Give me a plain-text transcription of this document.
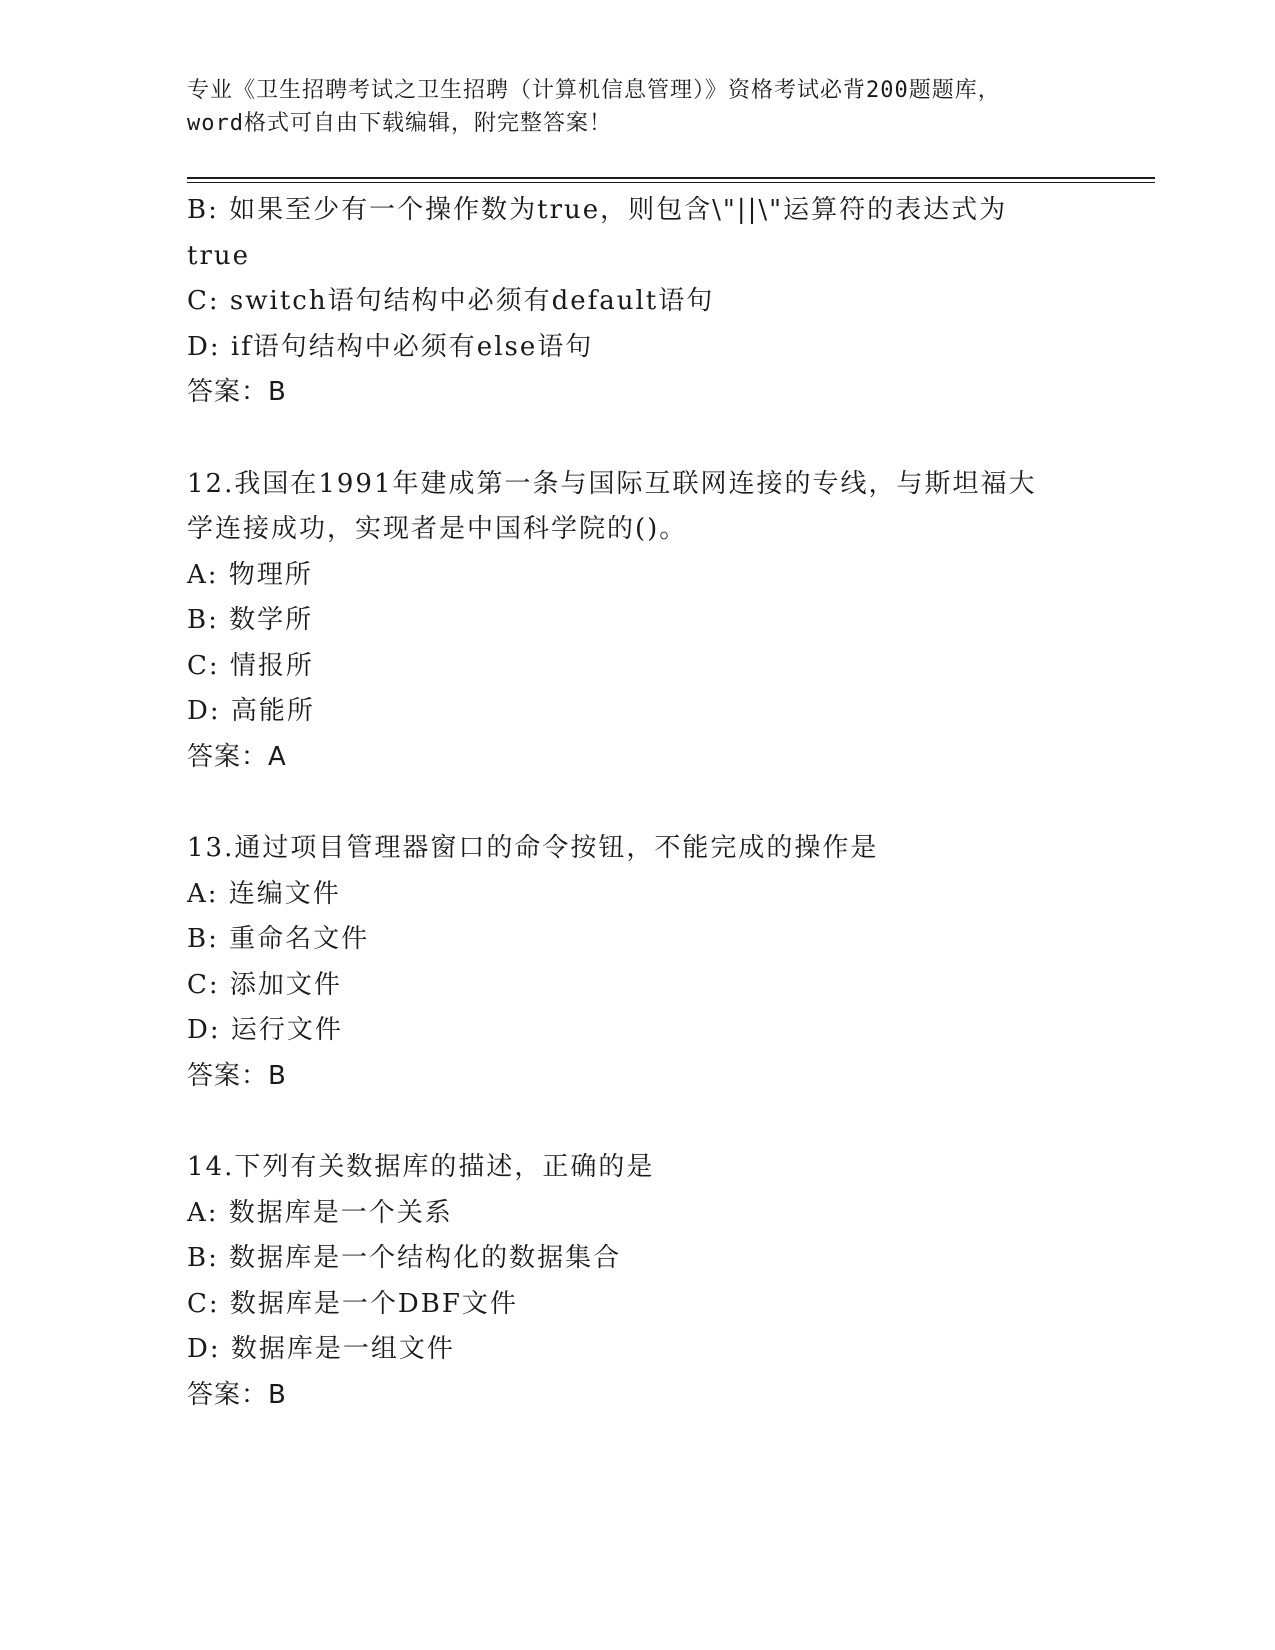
专业《卫生招聘考试之卫生招聘（计算机信息管理）》资格考试必背200题题库，
word格式可自由下载编辑，附完整答案！
B: 如果至少有一个操作数为true，则包含\"||\"运算符的表达式为
true
C: switch语句结构中必须有default语句
D: if语句结构中必须有else语句
答案：B
12.我国在1991年建成第一条与国际互联网连接的专线，与斯坦福大
学连接成功，实现者是中国科学院的()。
A: 物理所
B: 数学所
C: 情报所
D: 高能所
答案：A
13.通过项目管理器窗口的命令按钮，不能完成的操作是
A: 连编文件
B: 重命名文件
C: 添加文件
D: 运行文件
答案：B
14.下列有关数据库的描述，正确的是
A: 数据库是一个关系
B: 数据库是一个结构化的数据集合
C: 数据库是一个DBF文件
D: 数据库是一组文件
答案：B
